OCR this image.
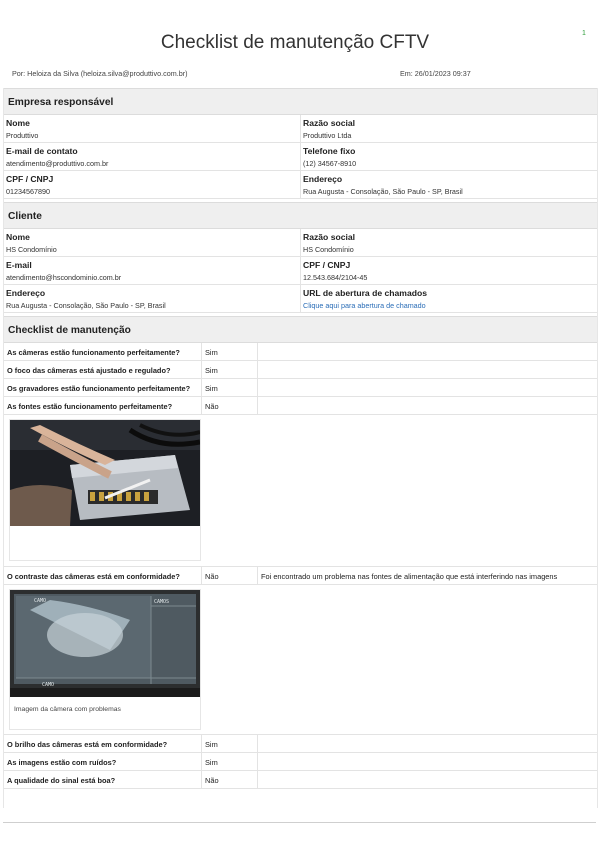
1
Checklist de manutenção CFTV
Por: Heloiza da Silva (heloiza.silva@produttivo.com.br)	Em: 26/01/2023 09:37
Empresa responsável
Nome
Produttivo
Razão social
Produttivo Ltda
E-mail de contato
atendimento@produttivo.com.br
Telefone fixo
(12) 34567-8910
CPF / CNPJ
01234567890
Endereço
Rua Augusta - Consolação, São Paulo - SP, Brasil
Cliente
Nome
HS Condomínio
Razão social
HS Condomínio
E-mail
atendimento@hscondominio.com.br
CPF / CNPJ
12.543.684/2104-45
Endereço
Rua Augusta - Consolação, São Paulo - SP, Brasil
URL de abertura de chamados
Clique aqui para abertura de chamado
Checklist de manutenção
As câmeras estão funcionamento perfeitamente?	Sim
O foco das câmeras está ajustado e regulado?	Sim
Os gravadores estão funcionamento perfeitamente?	Sim
As fontes estão funcionamento perfeitamente?	Não
O contraste das câmeras está em conformidade?	Não	Foi encontrado um problema nas fontes de alimentação que está interferindo nas imagens
CAMO	CAMOS
CAMO
Imagem da câmera com problemas
O brilho das câmeras está em conformidade?	Sim
As imagens estão com ruídos?	Sim
A qualidade do sinal está boa?	Não
